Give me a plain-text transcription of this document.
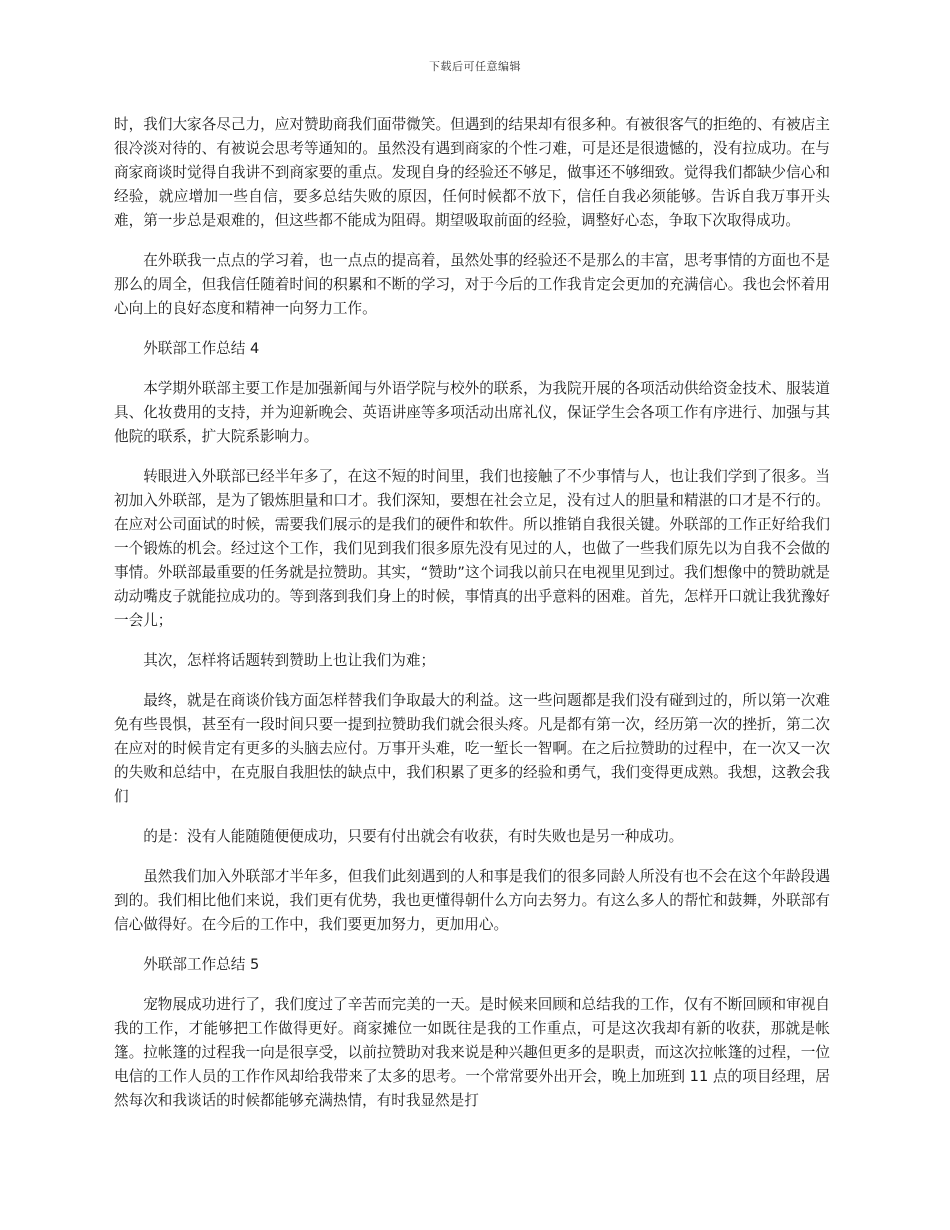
下载后可任意编辑

时，我们大家各尽己力，应对赞助商我们面带微笑。但遇到的结果却有很多种。有被很客气的拒绝的、有被店主很冷淡对待的、有被说会思考等通知的。虽然没有遇到商家的个性刁难，可是还是很遗憾的，没有拉成功。在与商家商谈时觉得自我讲不到商家要的重点。发现自身的经验还不够足，做事还不够细致。觉得我们都缺少信心和经验，就应增加一些自信，要多总结失败的原因，任何时候都不放下，信任自我必须能够。告诉自我万事开头难，第一步总是艰难的，但这些都不能成为阻碍。期望吸取前面的经验，调整好心态，争取下次取得成功。

在外联我一点点的学习着，也一点点的提高着，虽然处事的经验还不是那么的丰富，思考事情的方面也不是那么的周全，但我信任随着时间的积累和不断的学习，对于今后的工作我肯定会更加的充满信心。我也会怀着用心向上的良好态度和精神一向努力工作。

外联部工作总结 4

本学期外联部主要工作是加强新闻与外语学院与校外的联系，为我院开展的各项活动供给资金技术、服装道具、化妆费用的支持，并为迎新晚会、英语讲座等多项活动出席礼仪，保证学生会各项工作有序进行、加强与其他院的联系，扩大院系影响力。

转眼进入外联部已经半年多了，在这不短的时间里，我们也接触了不少事情与人，也让我们学到了很多。当初加入外联部，是为了锻炼胆量和口才。我们深知，要想在社会立足，没有过人的胆量和精湛的口才是不行的。在应对公司面试的时候，需要我们展示的是我们的硬件和软件。所以推销自我很关键。外联部的工作正好给我们一个锻炼的机会。经过这个工作，我们见到我们很多原先没有见过的人，也做了一些我们原先以为自我不会做的事情。外联部最重要的任务就是拉赞助。其实，“赞助”这个词我以前只在电视里见到过。我们想像中的赞助就是动动嘴皮子就能拉成功的。等到落到我们身上的时候，事情真的出乎意料的困难。首先，怎样开口就让我犹豫好一会儿；

其次，怎样将话题转到赞助上也让我们为难；

最终，就是在商谈价钱方面怎样替我们争取最大的利益。这一些问题都是我们没有碰到过的，所以第一次难免有些畏惧，甚至有一段时间只要一提到拉赞助我们就会很头疼。凡是都有第一次，经历第一次的挫折，第二次在应对的时候肯定有更多的头脑去应付。万事开头难，吃一堑长一智啊。在之后拉赞助的过程中，在一次又一次的失败和总结中，在克服自我胆怯的缺点中，我们积累了更多的经验和勇气，我们变得更成熟。我想，这教会我们

的是：没有人能随随便便成功，只要有付出就会有收获，有时失败也是另一种成功。

虽然我们加入外联部才半年多，但我们此刻遇到的人和事是我们的很多同龄人所没有也不会在这个年龄段遇到的。我们相比他们来说，我们更有优势，我也更懂得朝什么方向去努力。有这么多人的帮忙和鼓舞，外联部有信心做得好。在今后的工作中，我们要更加努力，更加用心。

外联部工作总结 5

宠物展成功进行了，我们度过了辛苦而完美的一天。是时候来回顾和总结我的工作，仅有不断回顾和审视自我的工作，才能够把工作做得更好。商家摊位一如既往是我的工作重点，可是这次我却有新的收获，那就是帐篷。拉帐篷的过程我一向是很享受，以前拉赞助对我来说是种兴趣但更多的是职责，而这次拉帐篷的过程，一位电信的工作人员的工作作风却给我带来了太多的思考。一个常常要外出开会，晚上加班到 11 点的项目经理，居然每次和我谈话的时候都能够充满热情，有时我显然是打
